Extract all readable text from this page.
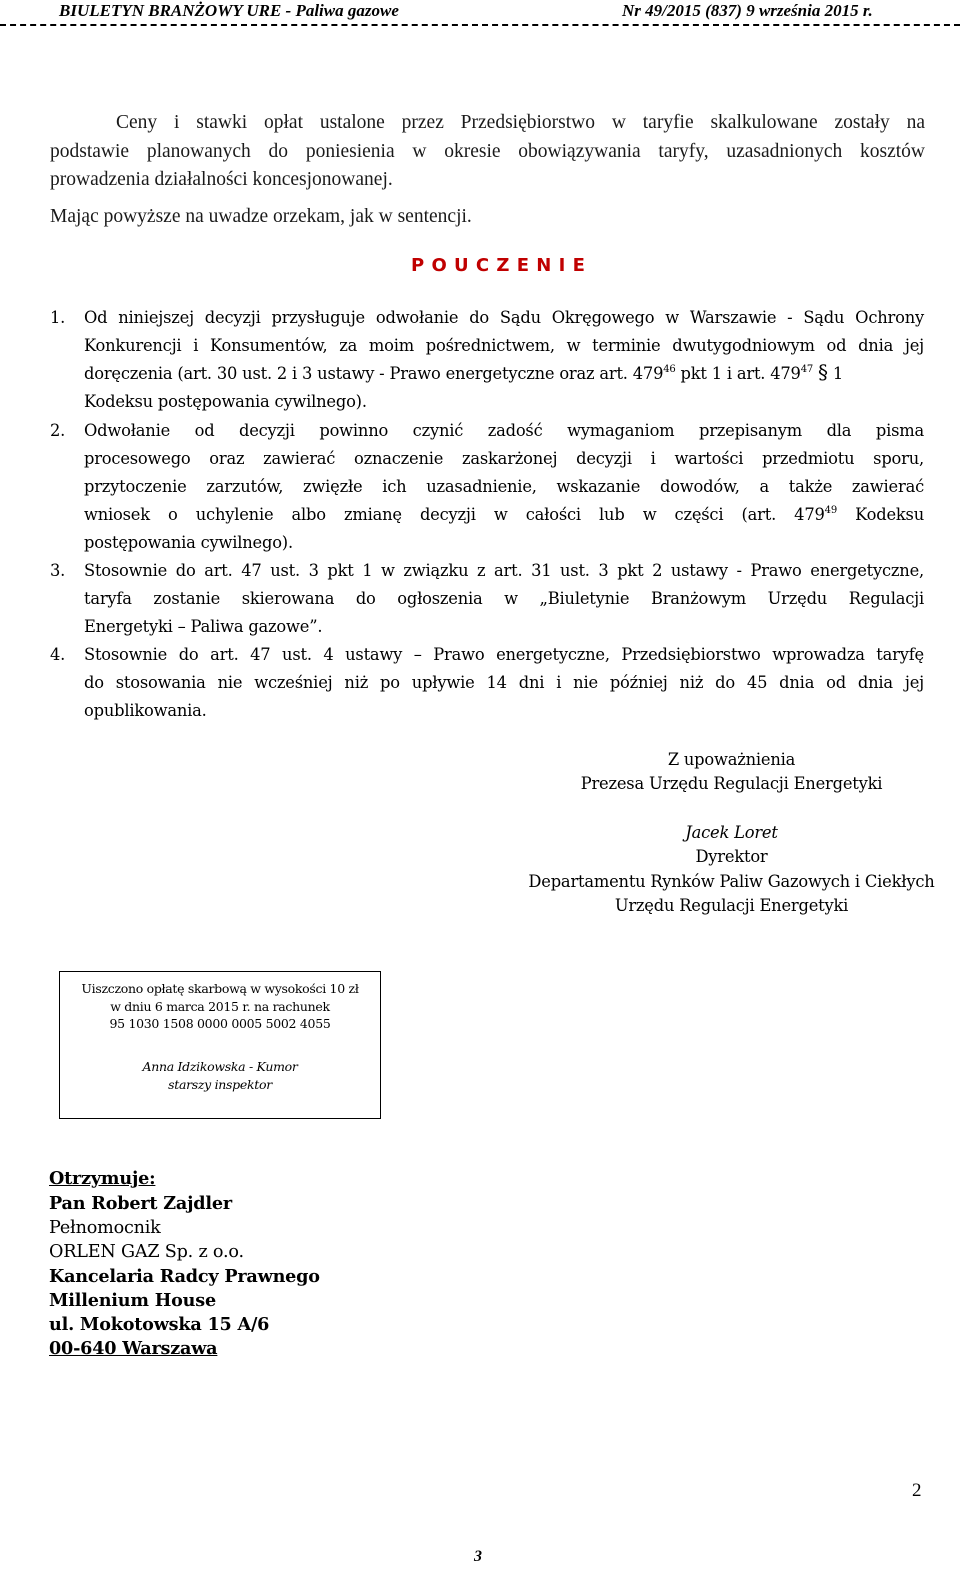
BIULETYN BRANŻOWY URE - Paliwa gazowe	Nr 49/2015 (837) 9 września 2015 r.
Ceny i stawki opłat ustalone przez Przedsiębiorstwo w taryfie skalkulowane zostały na
podstawie planowanych do poniesienia w okresie obowiązywania taryfy, uzasadnionych kosztów
prowadzenia działalności koncesjonowanej.
Mając powyższe na uwadze orzekam, jak w sentencji.
P O U C Z E N I E
1. Od niniejszej decyzji przysługuje odwołanie do Sądu Okręgowego w Warszawie - Sądu Ochrony
Konkurencji i Konsumentów, za moim pośrednictwem, w terminie dwutygodniowym od dnia jej
doręczenia (art. 30 ust. 2 i 3 ustawy - Prawo energetyczne oraz art. $479^{46}$ pkt 1 i art. $479^{47}$ § 1
Kodeksu postępowania cywilnego).
2. Odwołanie od decyzji powinno czynić zadość wymaganiom przepisanym dla pisma
procesowego oraz zawierać oznaczenie zaskarżonej decyzji i wartości przedmiotu sporu,
przytoczenie zarzutów, zwięzłe ich uzasadnienie, wskazanie dowodów, a także zawierać
wniosek o uchylenie albo zmianę decyzji w całości lub w części (art. $479^{49}$ Kodeksu
postępowania cywilnego).
3. Stosownie do art. 47 ust. 3 pkt 1 w związku z art. 31 ust. 3 pkt 2 ustawy - Prawo energetyczne,
taryfa zostanie skierowana do ogłoszenia w „Biuletynie Branżowym Urzędu Regulacji
Energetyki – Paliwa gazowe”.
4. Stosownie do art. 47 ust. 4 ustawy – Prawo energetyczne, Przedsiębiorstwo wprowadza taryfę
do stosowania nie wcześniej niż po upływie 14 dni i nie później niż do 45 dnia od dnia jej
opublikowania.
Z upoważnienia
Prezesa Urzędu Regulacji Energetyki
Jacek Loret
Dyrektor
Departamentu Rynków Paliw Gazowych i Ciekłych
Urzędu Regulacji Energetyki
Uiszczono opłatę skarbową w wysokości 10 zł
w dniu 6 marca 2015 r. na rachunek
95 1030 1508 0000 0005 5002 4055
Anna Idzikowska - Kumor
starszy inspektor
Otrzymuje:
Pan Robert Zajdler
Pełnomocnik
ORLEN GAZ Sp. z o.o.
Kancelaria Radcy Prawnego
Millenium House
ul. Mokotowska 15 A/6
00-640 Warszawa
2
3
